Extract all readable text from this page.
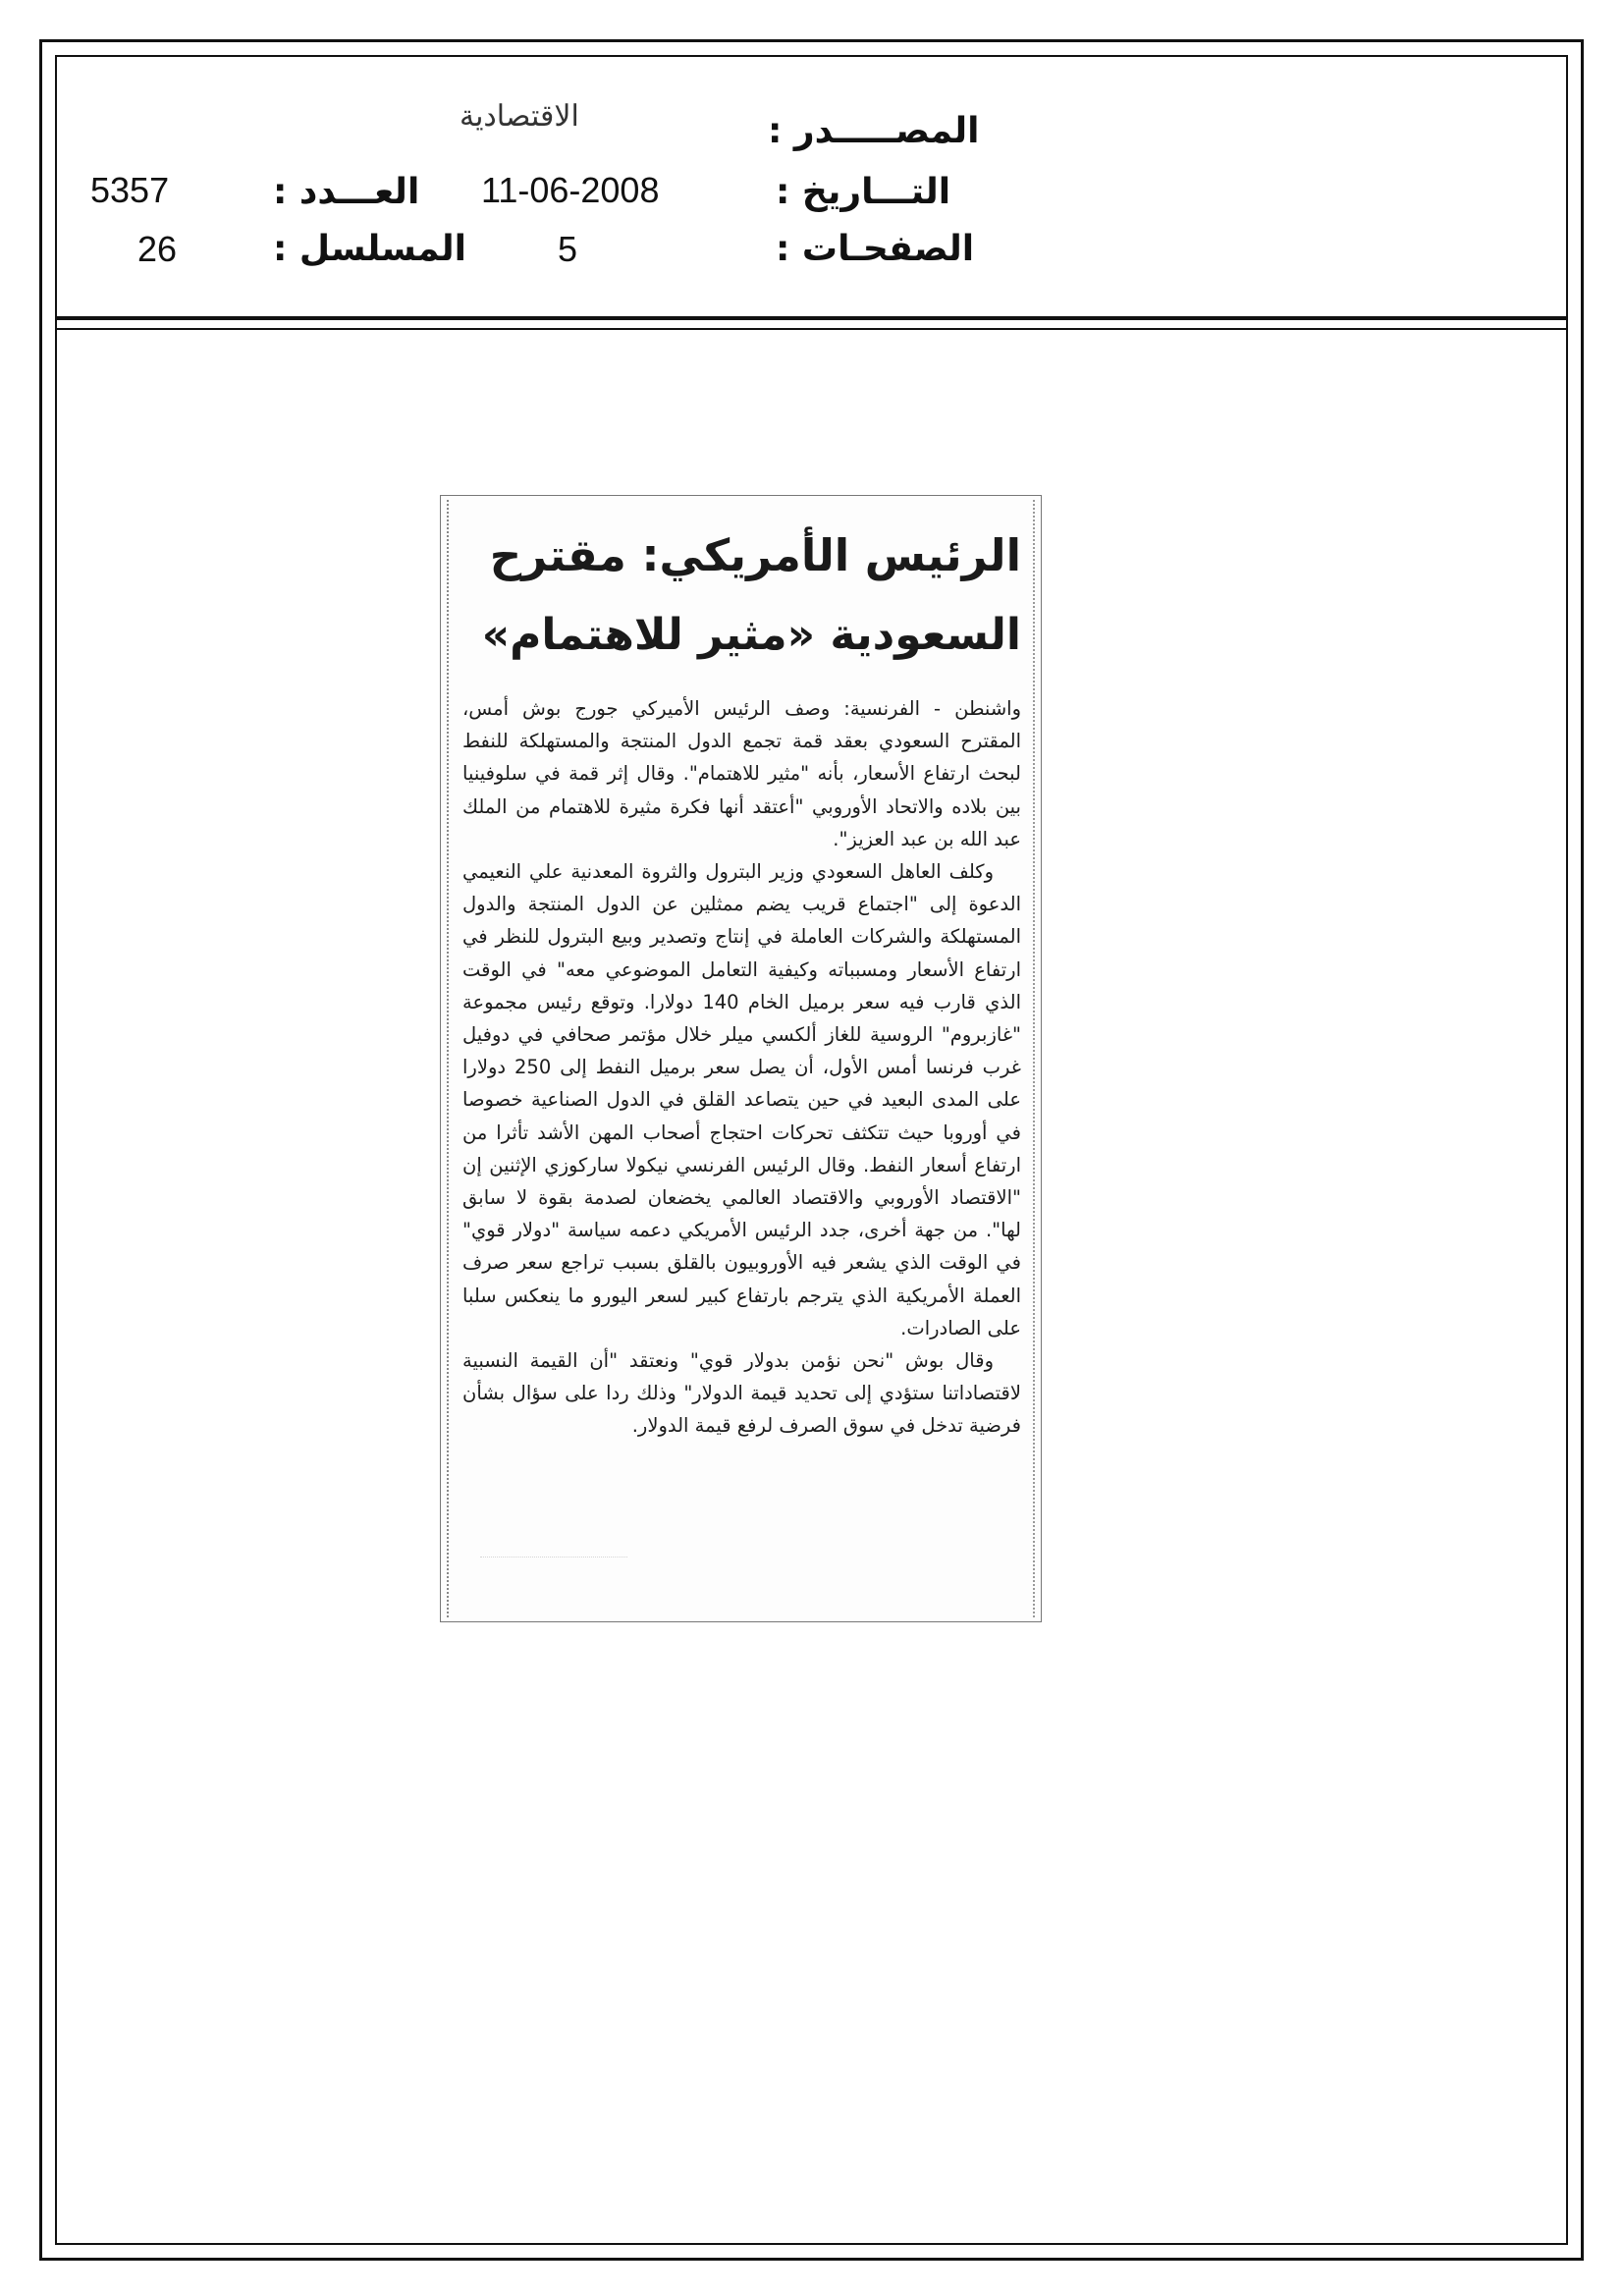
الاقتصادية	المصـــــدر :
11-06-2008	التـــاريخ :
5357	العـــدد :
5	الصفحـات :
26	المسلسل :
الرئيس الأمريكي: مقترح
السعودية «مثير للاهتمام»

واشنطن - الفرنسية: وصف الرئيس الأميركي جورج بوش أمس، المقترح السعودي بعقد قمة تجمع الدول المنتجة والمستهلكة للنفط لبحث ارتفاع الأسعار، بأنه "مثير للاهتمام". وقال إثر قمة في سلوفينيا بين بلاده والاتحاد الأوروبي "أعتقد أنها فكرة مثيرة للاهتمام من الملك عبد الله بن عبد العزيز".

وكلف العاهل السعودي وزير البترول والثروة المعدنية علي النعيمي الدعوة إلى "اجتماع قريب يضم ممثلين عن الدول المنتجة والدول المستهلكة والشركات العاملة في إنتاج وتصدير وبيع البترول للنظر في ارتفاع الأسعار ومسبباته وكيفية التعامل الموضوعي معه" في الوقت الذي قارب فيه سعر برميل الخام 140 دولارا. وتوقع رئيس مجموعة "غازبروم" الروسية للغاز ألكسي ميلر خلال مؤتمر صحافي في دوفيل غرب فرنسا أمس الأول، أن يصل سعر برميل النفط إلى 250 دولارا على المدى البعيد في حين يتصاعد القلق في الدول الصناعية خصوصا في أوروبا حيث تتكثف تحركات احتجاج أصحاب المهن الأشد تأثرا من ارتفاع أسعار النفط. وقال الرئيس الفرنسي نيكولا ساركوزي الإثنين إن "الاقتصاد الأوروبي والاقتصاد العالمي يخضعان لصدمة بقوة لا سابق لها". من جهة أخرى، جدد الرئيس الأمريكي دعمه سياسة "دولار قوي" في الوقت الذي يشعر فيه الأوروبيون بالقلق بسبب تراجع سعر صرف العملة الأمريكية الذي يترجم بارتفاع كبير لسعر اليورو ما ينعكس سلبا على الصادرات.

وقال بوش "نحن نؤمن بدولار قوي" ونعتقد "أن القيمة النسبية لاقتصاداتنا ستؤدي إلى تحديد قيمة الدولار" وذلك ردا على سؤال بشأن فرضية تدخل في سوق الصرف لرفع قيمة الدولار.
